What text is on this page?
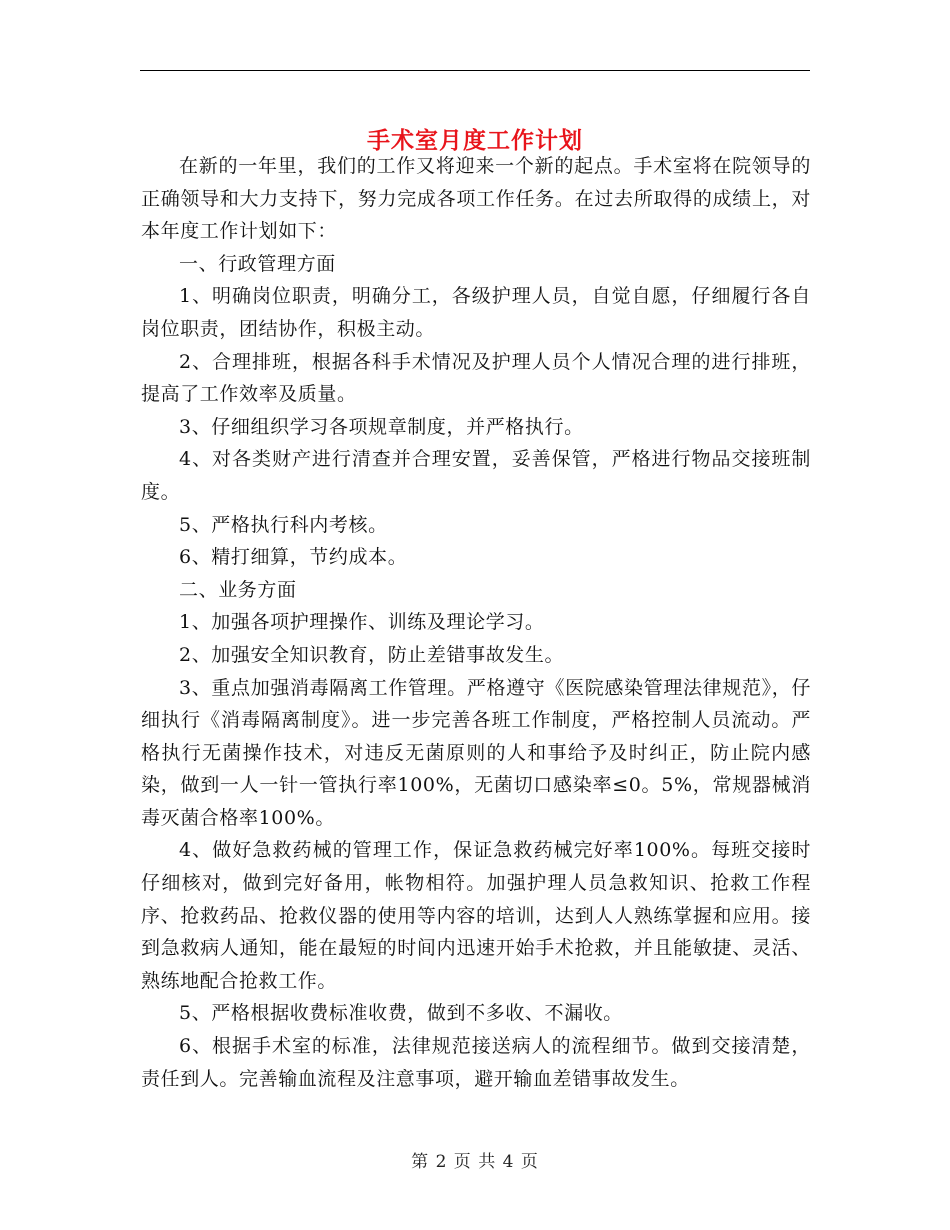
手术室月度工作计划

在新的一年里，我们的工作又将迎来一个新的起点。手术室将在院领导的正确领导和大力支持下，努力完成各项工作任务。在过去所取得的成绩上，对本年度工作计划如下：

一、行政管理方面

1、明确岗位职责，明确分工，各级护理人员，自觉自愿，仔细履行各自岗位职责，团结协作，积极主动。

2、合理排班，根据各科手术情况及护理人员个人情况合理的进行排班，提高了工作效率及质量。

3、仔细组织学习各项规章制度，并严格执行。

4、对各类财产进行清查并合理安置，妥善保管，严格进行物品交接班制度。

5、严格执行科内考核。

6、精打细算，节约成本。

二、业务方面

1、加强各项护理操作、训练及理论学习。

2、加强安全知识教育，防止差错事故发生。

3、重点加强消毒隔离工作管理。严格遵守《医院感染管理法律规范》，仔细执行《消毒隔离制度》。进一步完善各班工作制度，严格控制人员流动。严格执行无菌操作技术，对违反无菌原则的人和事给予及时纠正，防止院内感染，做到一人一针一管执行率100%，无菌切口感染率≤0。5%，常规器械消毒灭菌合格率100%。

4、做好急救药械的管理工作，保证急救药械完好率100%。每班交接时仔细核对，做到完好备用，帐物相符。加强护理人员急救知识、抢救工作程序、抢救药品、抢救仪器的使用等内容的培训，达到人人熟练掌握和应用。接到急救病人通知，能在最短的时间内迅速开始手术抢救，并且能敏捷、灵活、熟练地配合抢救工作。

5、严格根据收费标准收费，做到不多收、不漏收。

6、根据手术室的标准，法律规范接送病人的流程细节。做到交接清楚，责任到人。完善输血流程及注意事项，避开输血差错事故发生。

第 2 页 共 4 页
